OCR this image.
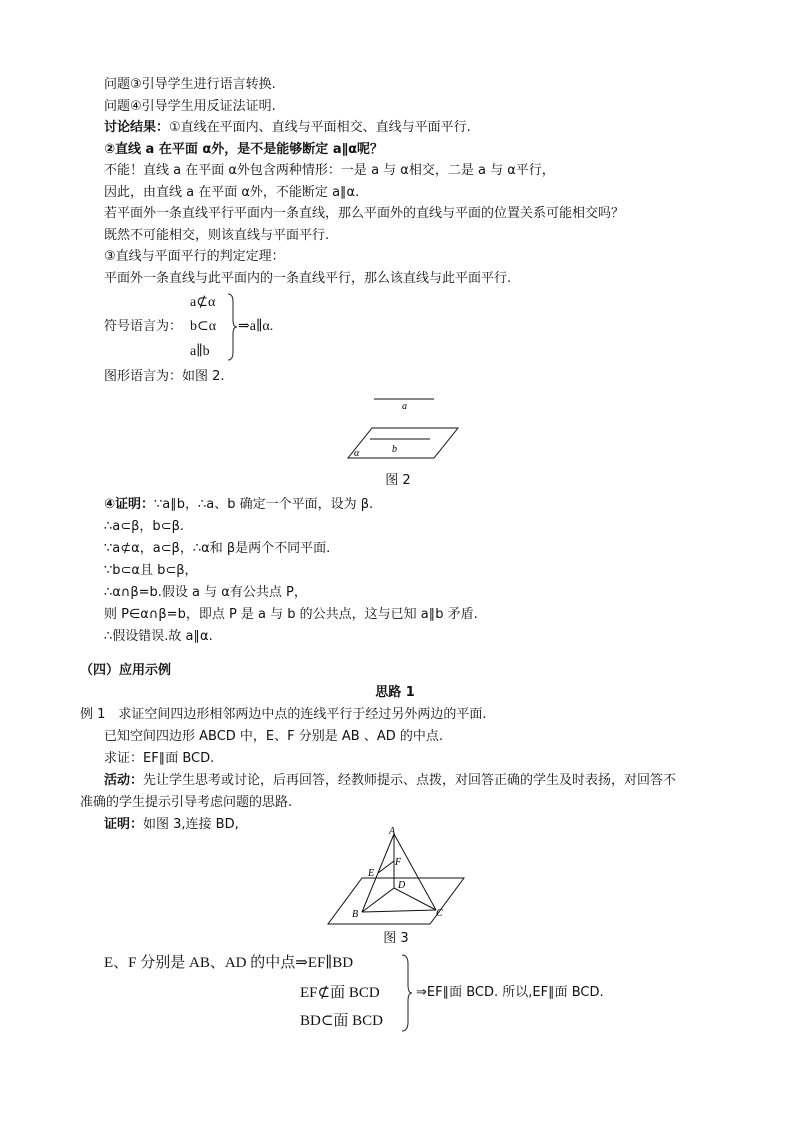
问题③引导学生进行语言转换.
问题④引导学生用反证法证明.
讨论结果：①直线在平面内、直线与平面相交、直线与平面平行.
②直线 a 在平面 α外，是不是能够断定 a∥α呢？
不能！直线 a 在平面 α外包含两种情形：一是 a 与 α相交，二是 a 与 α平行，
因此，由直线 a 在平面 α外，不能断定 a∥α.
若平面外一条直线平行平面内一条直线，那么平面外的直线与平面的位置关系可能相交吗？
既然不可能相交，则该直线与平面平行.
③直线与平面平行的判定定理：
平面外一条直线与此平面内的一条直线平行，那么该直线与此平面平行.
符号语言为：
a⊄α
b⊂α
a∥b
⇒a∥α.
图形语言为：如图 2.
a
b
α
图 2
④证明：∵a∥b，∴a、b 确定一个平面，设为 β.
∴a⊂β，b⊂β.
∵a⊄α，a⊂β，∴α和 β是两个不同平面.
∵b⊂α且 b⊂β，
∴α∩β=b.假设 a 与 α有公共点 P，
则 P∈α∩β=b，即点 P 是 a 与 b 的公共点，这与已知 a∥b 矛盾.
∴假设错误.故 a∥α.
（四）应用示例
思路 1
例 1　求证空间四边形相邻两边中点的连线平行于经过另外两边的平面.
已知空间四边形 ABCD 中，E、F 分别是 AB 、AD 的中点.
求证：EF∥面 BCD.
活动：先让学生思考或讨论，后再回答，经教师提示、点拨，对回答正确的学生及时表扬，对回答不
准确的学生提示引导考虑问题的思路.
证明：如图 3,连接 BD,	A
F
E
D
B	C
图 3
E、F 分别是 AB、AD 的中点⇒EF∥BD
EF⊄面 BCD
BD⊂面 BCD
⇒EF∥面 BCD. 所以,EF∥面 BCD.
